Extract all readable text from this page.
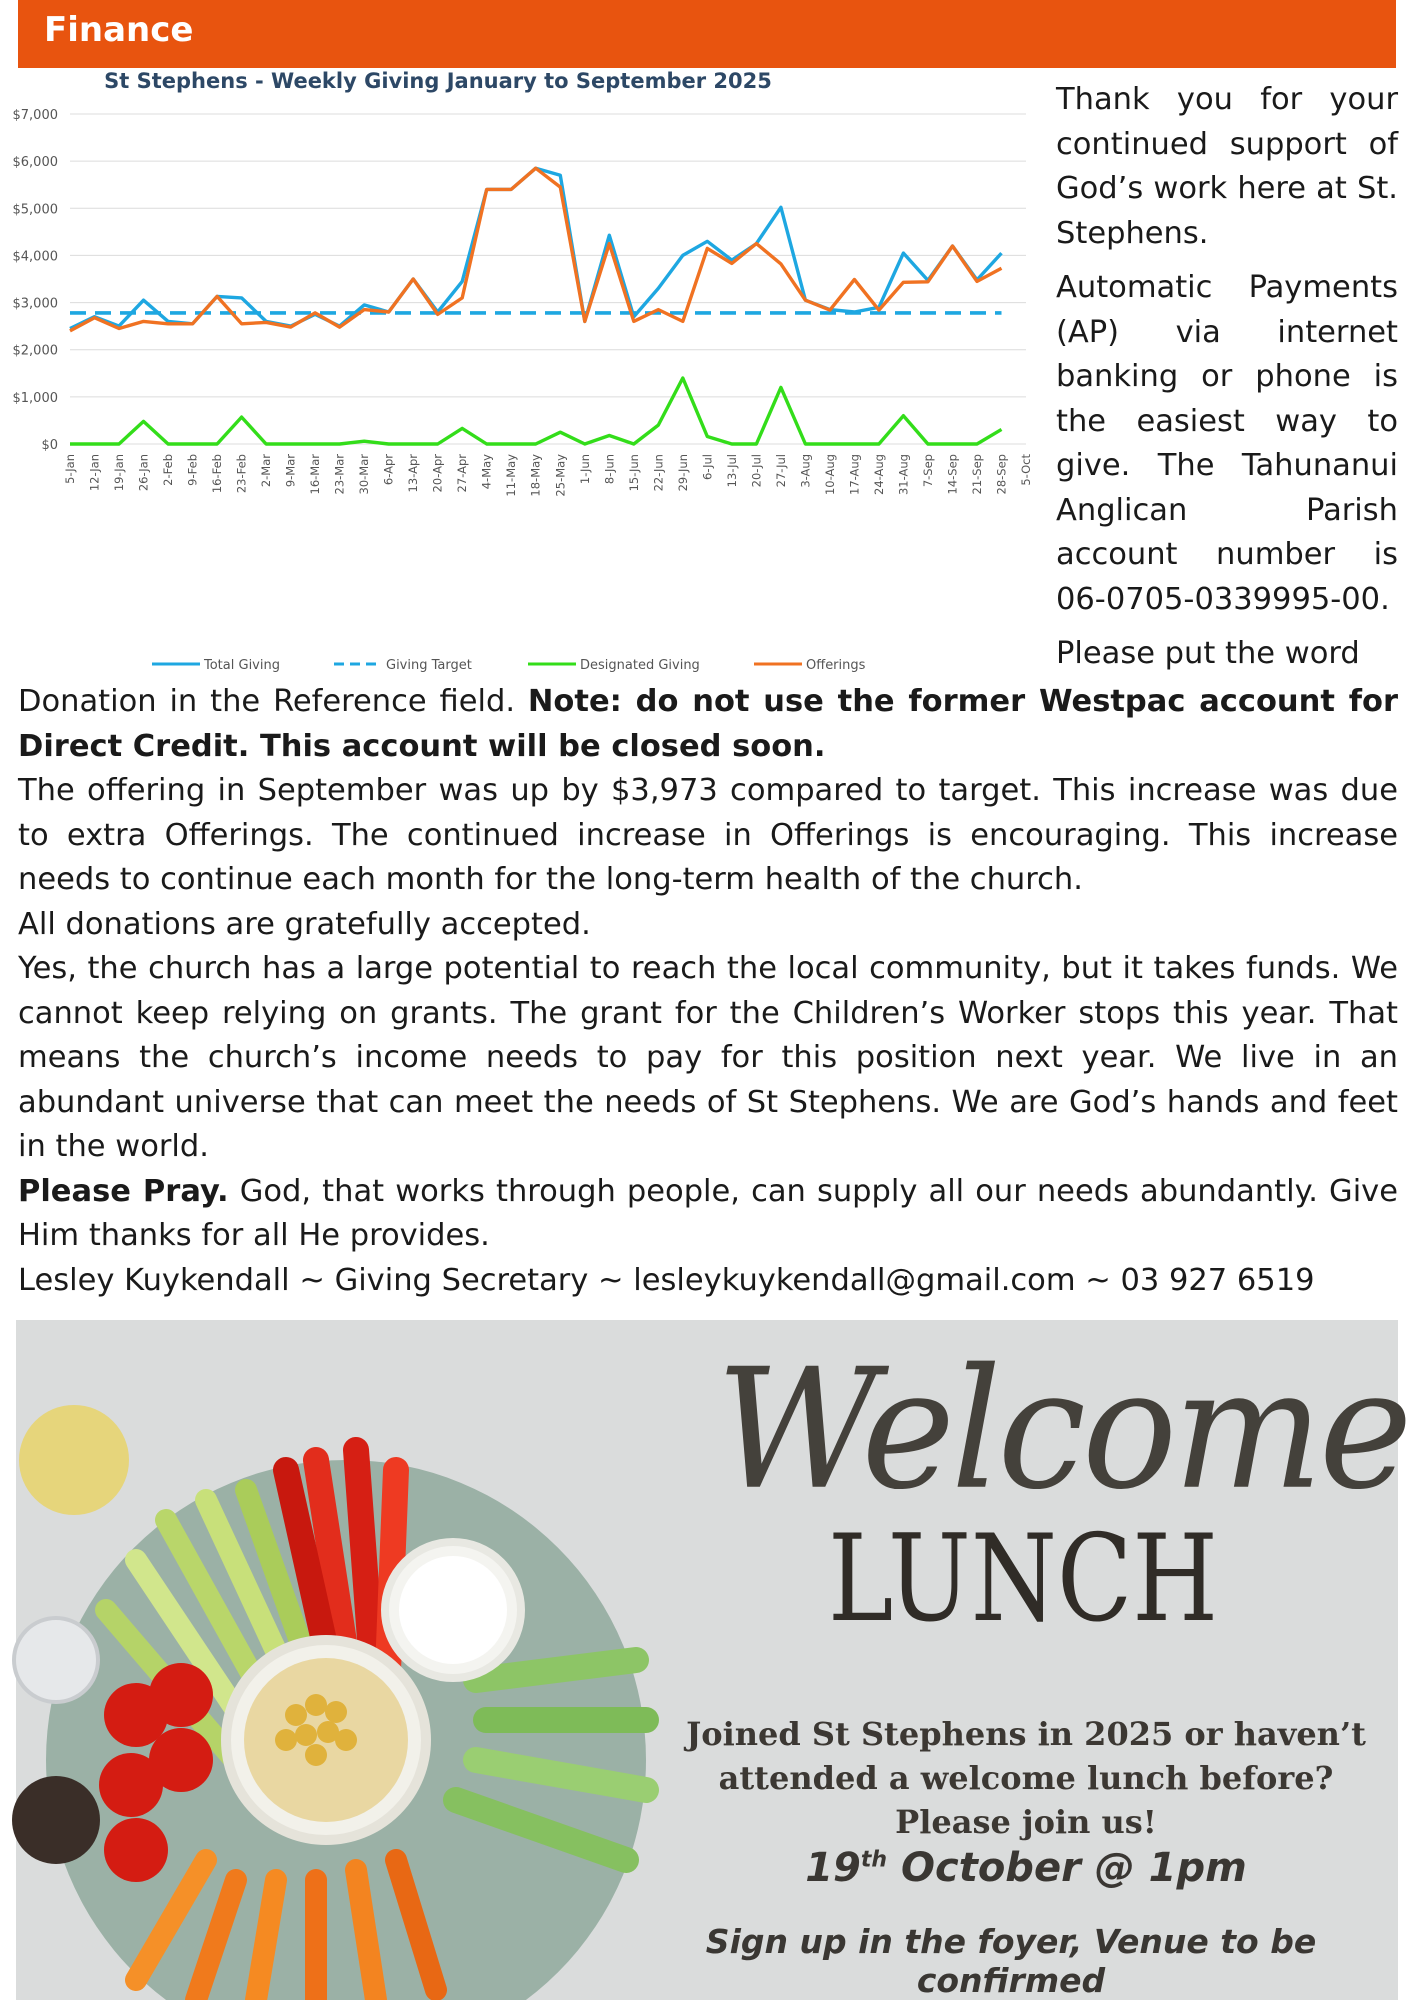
Finance
St Stephens - Weekly Giving January to September 2025
$0
$1,000
$2,000
$3,000
$4,000
$5,000
$6,000
$7,000
5-Jan 12-Jan 19-Jan 26-Jan 2-Feb 9-Feb 16-Feb 23-Feb 2-Mar 9-Mar 16-Mar 23-Mar 30-Mar 6-Apr 13-Apr 20-Apr 27-Apr 4-May 11-May 18-May 25-May 1-Jun 8-Jun 15-Jun 22-Jun 29-Jun 6-Jul 13-Jul 20-Jul 27-Jul 3-Aug 10-Aug 17-Aug 24-Aug 31-Aug 7-Sep 14-Sep 21-Sep 28-Sep 5-Oct
Total Giving	Giving Target	Designated Giving	Offerings

Thank you for your continued support of God’s work here at St. Stephens.

Automatic Payments (AP) via internet banking or phone is the easiest way to give. The Tahunanui Anglican Parish account number is 06-0705-0339995-00.

Please put the word

Donation in the Reference field. Note: do not use the former Westpac account for Direct Credit. This account will be closed soon.

The offering in September was up by $3,973 compared to target. This increase was due to extra Offerings. The continued increase in Offerings is encouraging. This increase needs to continue each month for the long-term health of the church.

All donations are gratefully accepted.

Yes, the church has a large potential to reach the local community, but it takes funds. We cannot keep relying on grants. The grant for the Children’s Worker stops this year. That means the church’s income needs to pay for this position next year. We live in an abundant universe that can meet the needs of St Stephens. We are God’s hands and feet in the world.

Please Pray. God, that works through people, can supply all our needs abundantly. Give Him thanks for all He provides.

Lesley Kuykendall ~ Giving Secretary ~ lesleykuykendall@gmail.com ~ 03 927 6519

Welcome
LUNCH
Joined St Stephens in 2025 or haven’t
attended a welcome lunch before?
Please join us!
19th October @ 1pm
Sign up in the foyer, Venue to be confirmed
